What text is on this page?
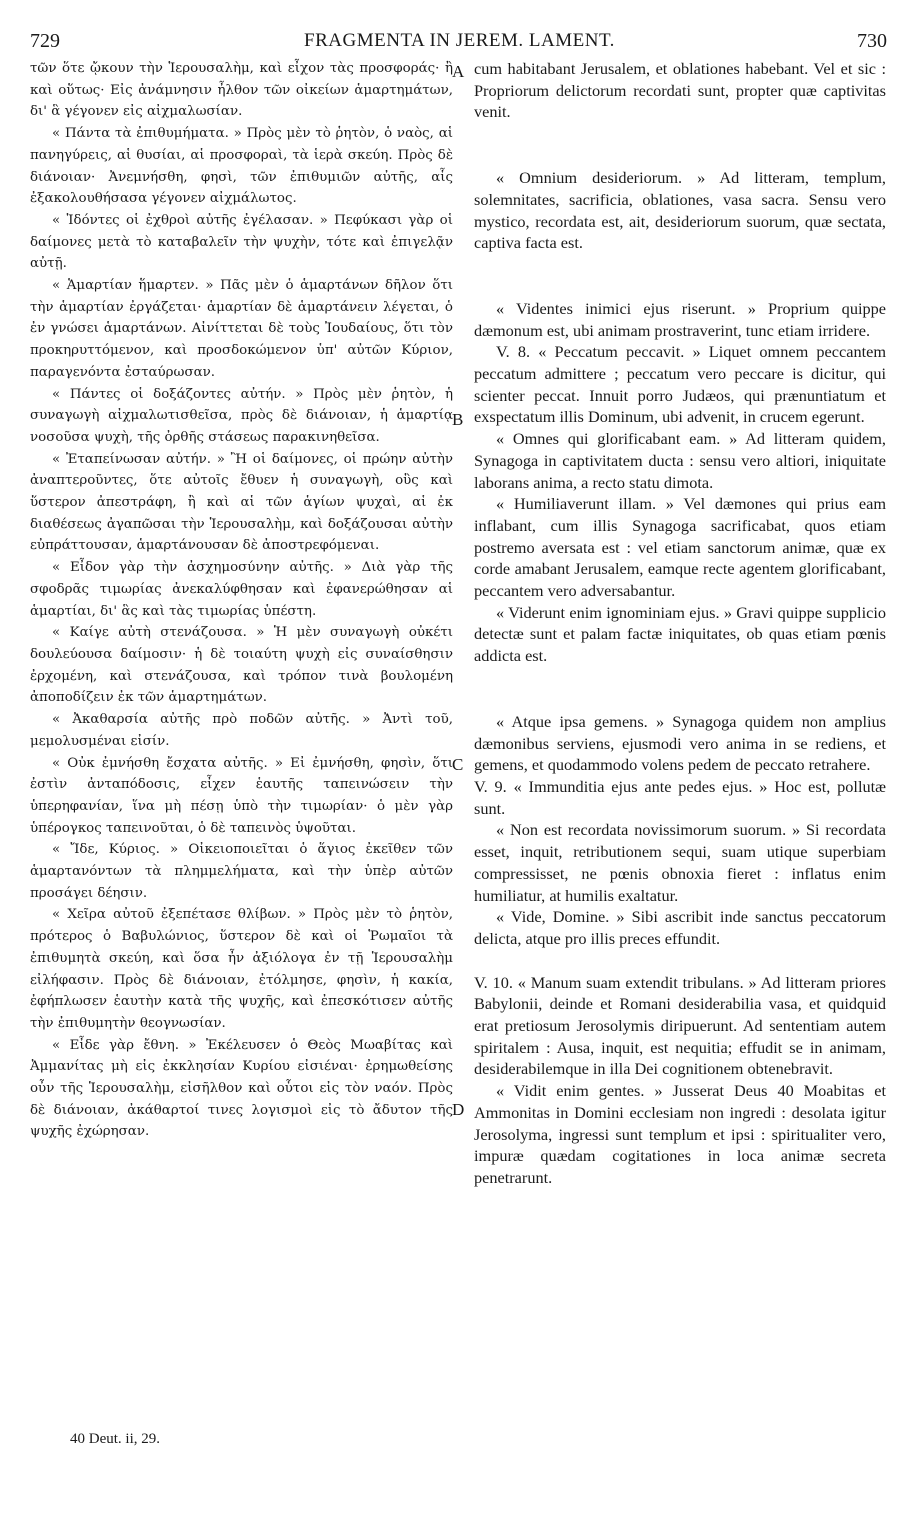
729	FRAGMENTA IN JEREM. LAMENT.	730

τῶν ὅτε ᾤκουν τὴν Ἱερουσαλὴμ, καὶ εἶχον τὰς προσφοράς· ἢ καὶ οὕτως· Εἰς ἀνάμνησιν ἦλθον τῶν οἰκείων ἁμαρτημάτων, δι' ἃ γέγονεν εἰς αἰχμαλωσίαν.

« Πάντα τὰ ἐπιθυμήματα. » Πρὸς μὲν τὸ ῥητὸν, ὁ ναὸς, αἱ πανηγύρεις, αἱ θυσίαι, αἱ προσφοραὶ, τὰ ἱερὰ σκεύη. Πρὸς δὲ διάνοιαν· Ἀνεμνήσθη, φησὶ, τῶν ἐπιθυμιῶν αὐτῆς, αἷς ἐξακολουθήσασα γέγονεν αἰχμάλωτος.

« Ἰδόντες οἱ ἐχθροὶ αὐτῆς ἐγέλασαν. » Πεφύκασι γὰρ οἱ δαίμονες μετὰ τὸ καταβαλεῖν τὴν ψυχὴν, τότε καὶ ἐπιγελᾷν αὐτῇ.

« Ἁμαρτίαν ἥμαρτεν. » Πᾶς μὲν ὁ ἁμαρτάνων δῆλον ὅτι τὴν ἁμαρτίαν ἐργάζεται· ἁμαρτίαν δὲ ἁμαρτάνειν λέγεται, ὁ ἐν γνώσει ἁμαρτάνων. Αἰνίττεται δὲ τοὺς Ἰουδαίους, ὅτι τὸν προκηρυττόμενον, καὶ προσδοκώμενον ὑπ' αὐτῶν Κύριον, παραγενόντα ἐσταύρωσαν.

« Πάντες οἱ δοξάζοντες αὐτήν. » Πρὸς μὲν ῥητὸν, ἡ συναγωγὴ αἰχμαλωτισθεῖσα, πρὸς δὲ διάνοιαν, ἡ ἁμαρτίᾳ νοσοῦσα ψυχὴ, τῆς ὀρθῆς στάσεως παρακινηθεῖσα.

« Ἐταπείνωσαν αὐτήν. » Ἢ οἱ δαίμονες, οἱ πρώην αὐτὴν ἀναπτεροῦντες, ὅτε αὐτοῖς ἔθυεν ἡ συναγωγὴ, οὓς καὶ ὕστερον ἀπεστράφη, ἢ καὶ αἱ τῶν ἁγίων ψυχαὶ, αἱ ἐκ διαθέσεως ἀγαπῶσαι τὴν Ἱερουσαλὴμ, καὶ δοξάζουσαι αὐτὴν εὐπράττουσαν, ἁμαρτάνουσαν δὲ ἀποστρεφόμεναι.

« Εἶδον γὰρ τὴν ἀσχημοσύνην αὐτῆς. » Διὰ γὰρ τῆς σφοδρᾶς τιμωρίας ἀνεκαλύφθησαν καὶ ἐφανερώθησαν αἱ ἁμαρτίαι, δι' ἃς καὶ τὰς τιμωρίας ὑπέστη.

« Καίγε αὐτὴ στενάζουσα. » Ἡ μὲν συναγωγὴ οὐκέτι δουλεύουσα δαίμοσιν· ἡ δὲ τοιαύτη ψυχὴ εἰς συναίσθησιν ἐρχομένη, καὶ στενάζουσα, καὶ τρόπον τινὰ βουλομένη ἀποποδίζειν ἐκ τῶν ἁμαρτημάτων.

« Ἀκαθαρσία αὐτῆς πρὸ ποδῶν αὐτῆς. » Ἀντὶ τοῦ, μεμολυσμέναι εἰσίν.

« Οὐκ ἐμνήσθη ἔσχατα αὐτῆς. » Εἰ ἐμνήσθη, φησὶν, ὅτι ἐστὶν ἀνταπόδοσις, εἶχεν ἑαυτῆς ταπεινώσειν τὴν ὑπερηφανίαν, ἵνα μὴ πέσῃ ὑπὸ τὴν τιμωρίαν· ὁ μὲν γὰρ ὑπέρογκος ταπεινοῦται, ὁ δὲ ταπεινὸς ὑψοῦται.

« Ἴδε, Κύριος. » Οἰκειοποιεῖται ὁ ἅγιος ἐκεῖθεν τῶν ἁμαρτανόντων τὰ πλημμελήματα, καὶ τὴν ὑπὲρ αὐτῶν προσάγει δέησιν.

« Χεῖρα αὐτοῦ ἐξεπέτασε θλίβων. » Πρὸς μὲν τὸ ῥητὸν, πρότερος ὁ Βαβυλώνιος, ὕστερον δὲ καὶ οἱ Ῥωμαῖοι τὰ ἐπιθυμητὰ σκεύη, καὶ ὅσα ἦν ἀξιόλογα ἐν τῇ Ἱερουσαλὴμ εἰλήφασιν. Πρὸς δὲ διάνοιαν, ἐτόλμησε, φησὶν, ἡ κακία, ἐφήπλωσεν ἑαυτὴν κατὰ τῆς ψυχῆς, καὶ ἐπεσκότισεν αὐτῆς τὴν ἐπιθυμητὴν θεογνωσίαν.

« Εἶδε γὰρ ἔθνη. » Ἐκέλευσεν ὁ Θεὸς Μωαβίτας καὶ Ἀμμανίτας μὴ εἰς ἐκκλησίαν Κυρίου εἰσιέναι· ἐρημωθείσης οὖν τῆς Ἱερουσαλὴμ, εἰσῆλθον καὶ οὗτοι εἰς τὸν ναόν. Πρὸς δὲ διάνοιαν, ἀκάθαρτοί τινες λογισμοὶ εἰς τὸ ἄδυτον τῆς ψυχῆς ἐχώρησαν.

A
B
C
D

cum habitabant Jerusalem, et oblationes habebant. Vel et sic : Propriorum delictorum recordati sunt, propter quæ captivitas venit.

« Omnium desideriorum. » Ad litteram, templum, solemnitates, sacrificia, oblationes, vasa sacra. Sensu vero mystico, recordata est, ait, desideriorum suorum, quæ sectata, captiva facta est.

« Videntes inimici ejus riserunt. » Proprium quippe dæmonum est, ubi animam prostraverint, tunc etiam irridere.

V. 8. « Peccatum peccavit. » Liquet omnem peccantem peccatum admittere ; peccatum vero peccare is dicitur, qui scienter peccat. Innuit porro Judæos, qui prænuntiatum et exspectatum illis Dominum, ubi advenit, in crucem egerunt.

« Omnes qui glorificabant eam. » Ad litteram quidem, Synagoga in captivitatem ducta : sensu vero altiori, iniquitate laborans anima, a recto statu dimota.

« Humiliaverunt illam. » Vel dæmones qui prius eam inflabant, cum illis Synagoga sacrificabat, quos etiam postremo aversata est : vel etiam sanctorum animæ, quæ ex corde amabant Jerusalem, eamque recte agentem glorificabant, peccantem vero adversabantur.

« Viderunt enim ignominiam ejus. » Gravi quippe supplicio detectæ sunt et palam factæ iniquitates, ob quas etiam pœnis addicta est.

« Atque ipsa gemens. » Synagoga quidem non amplius dæmonibus serviens, ejusmodi vero anima in se rediens, et gemens, et quodammodo volens pedem de peccato retrahere.

V. 9. « Immunditia ejus ante pedes ejus. » Hoc est, pollutæ sunt.

« Non est recordata novissimorum suorum. » Si recordata esset, inquit, retributionem sequi, suam utique superbiam compressisset, ne pœnis obnoxia fieret : inflatus enim humiliatur, at humilis exaltatur.

« Vide, Domine. » Sibi ascribit inde sanctus peccatorum delicta, atque pro illis preces effundit.

V. 10. « Manum suam extendit tribulans. » Ad litteram priores Babylonii, deinde et Romani desiderabilia vasa, et quidquid erat pretiosum Jerosolymis diripuerunt. Ad sententiam autem spiritalem : Ausa, inquit, est nequitia; effudit se in animam, desiderabilemque in illa Dei cognitionem obtenebravit.

« Vidit enim gentes. » Jusserat Deus 40 Moabitas et Ammonitas in Domini ecclesiam non ingredi : desolata igitur Jerosolyma, ingressi sunt templum et ipsi : spiritualiter vero, impuræ quædam cogitationes in loca animæ secreta penetrarunt.

40 Deut. ii, 29.
